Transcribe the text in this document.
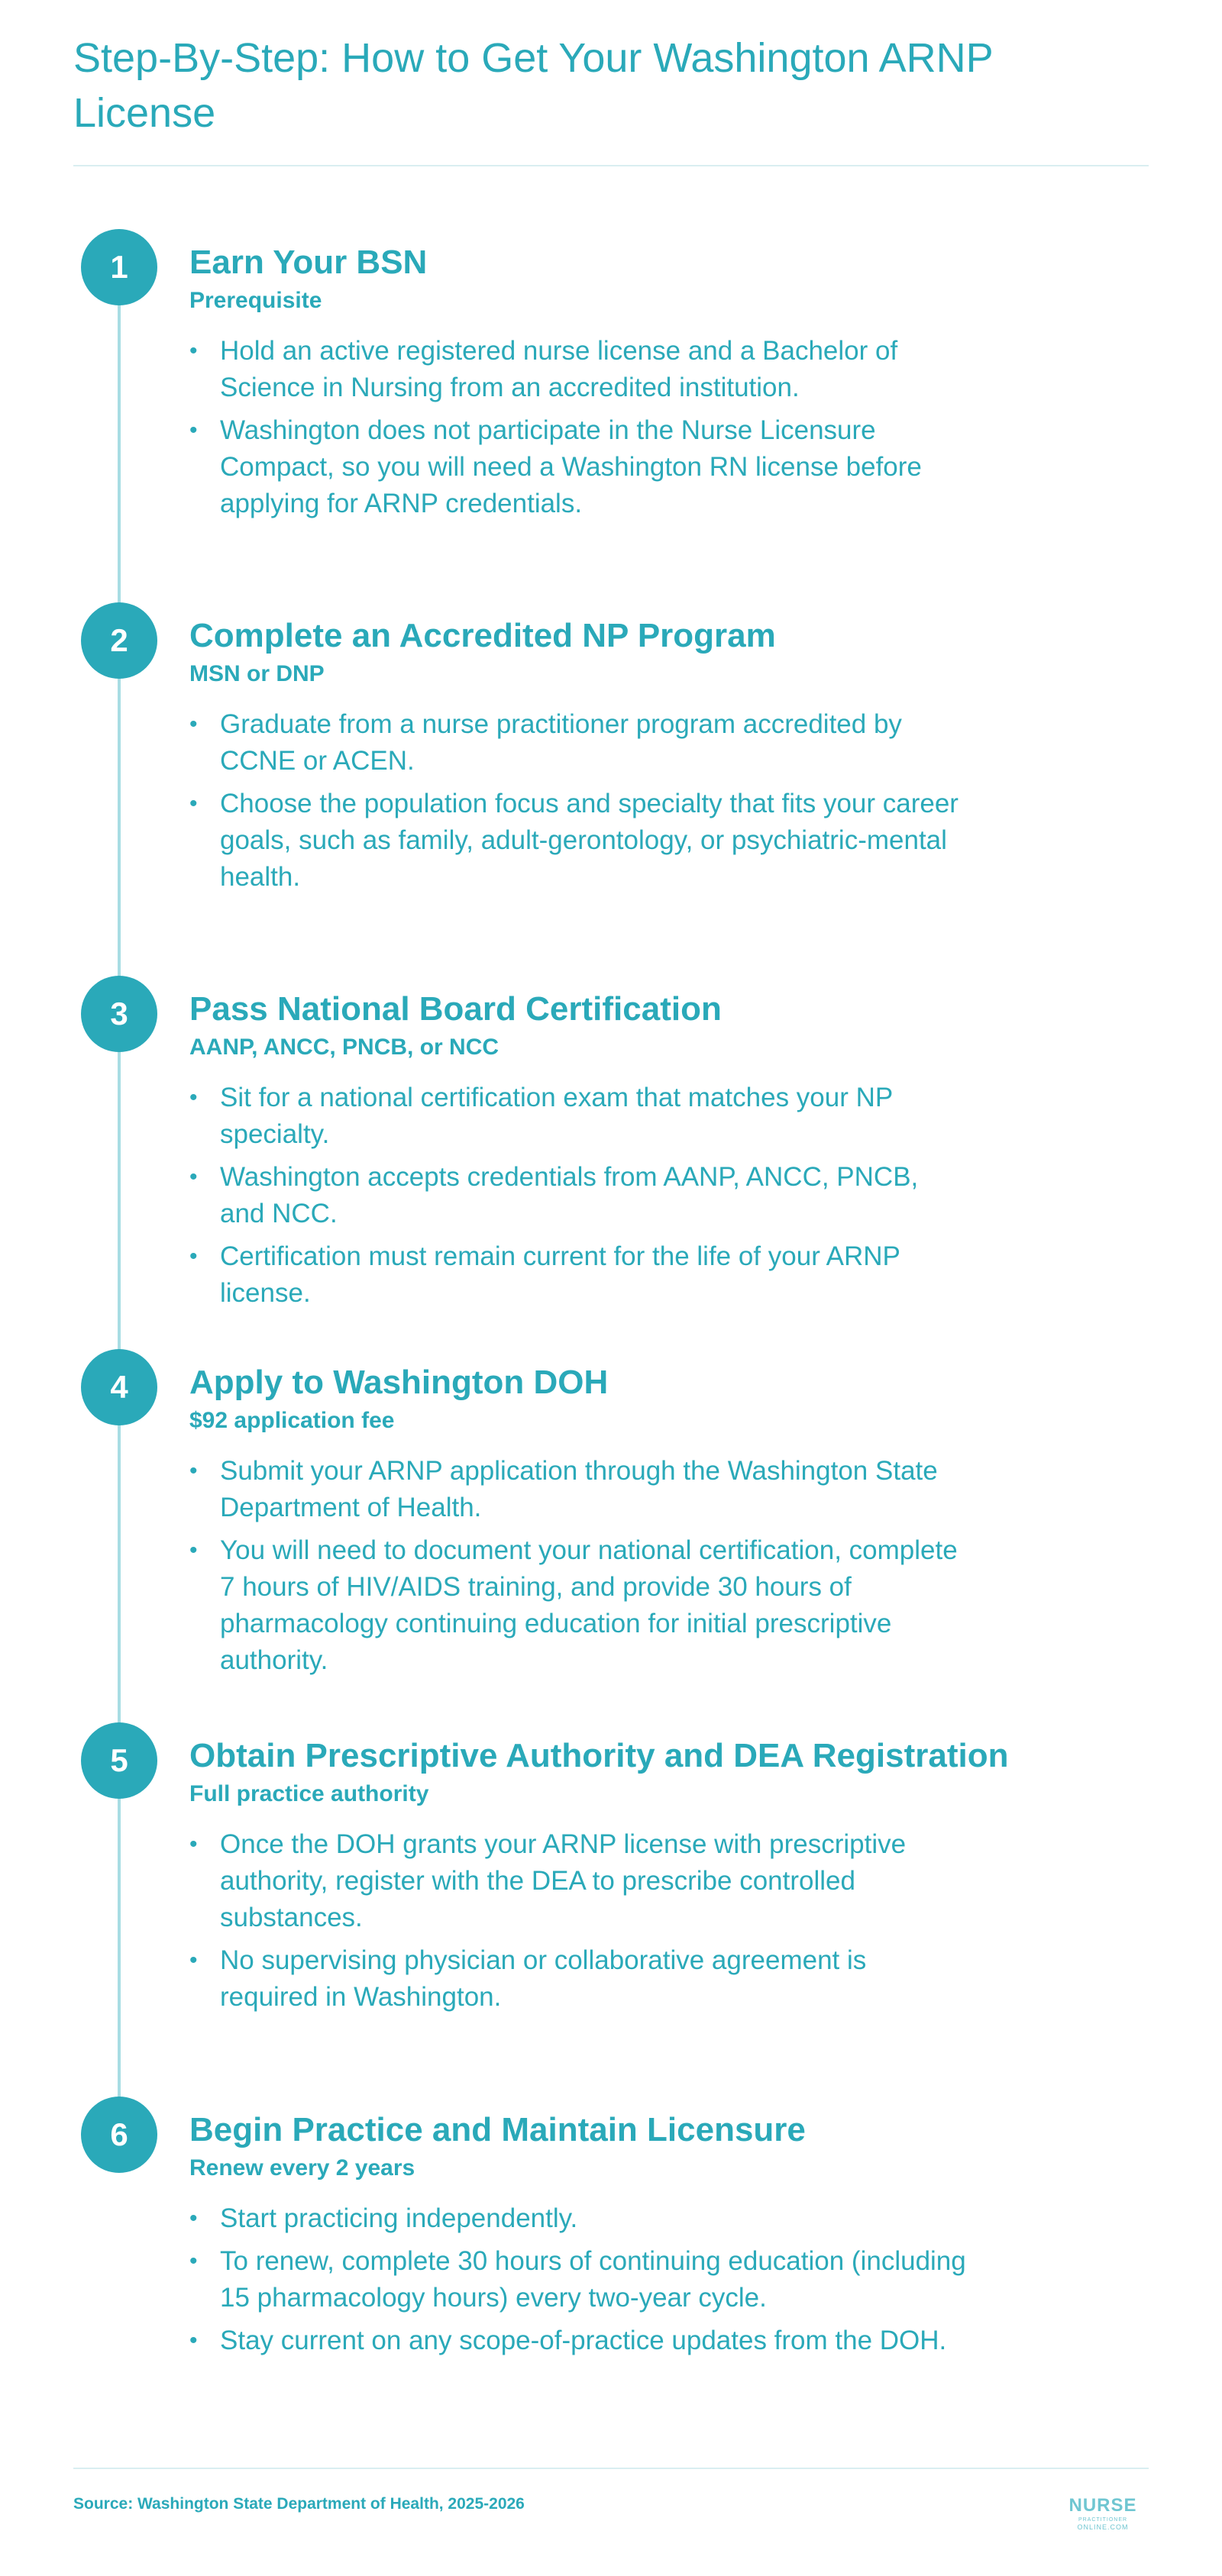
Step-By-Step: How to Get Your Washington ARNP License
1	Earn Your BSN
Prerequisite
• Hold an active registered nurse license and a Bachelor of Science in Nursing from an accredited institution.
• Washington does not participate in the Nurse Licensure Compact, so you will need a Washington RN license before applying for ARNP credentials.
2	Complete an Accredited NP Program
MSN or DNP
• Graduate from a nurse practitioner program accredited by CCNE or ACEN.
• Choose the population focus and specialty that fits your career goals, such as family, adult-gerontology, or psychiatric-mental health.
3	Pass National Board Certification
AANP, ANCC, PNCB, or NCC
• Sit for a national certification exam that matches your NP specialty.
• Washington accepts credentials from AANP, ANCC, PNCB, and NCC.
• Certification must remain current for the life of your ARNP license.
4	Apply to Washington DOH
$92 application fee
• Submit your ARNP application through the Washington State Department of Health.
• You will need to document your national certification, complete 7 hours of HIV/AIDS training, and provide 30 hours of pharmacology continuing education for initial prescriptive authority.
5	Obtain Prescriptive Authority and DEA Registration
Full practice authority
• Once the DOH grants your ARNP license with prescriptive authority, register with the DEA to prescribe controlled substances.
• No supervising physician or collaborative agreement is required in Washington.
6	Begin Practice and Maintain Licensure
Renew every 2 years
• Start practicing independently.
• To renew, complete 30 hours of continuing education (including 15 pharmacology hours) every two-year cycle.
• Stay current on any scope-of-practice updates from the DOH.
Source: Washington State Department of Health, 2025-2026	NURSE
PRACTITIONER
ONLINE.COM
